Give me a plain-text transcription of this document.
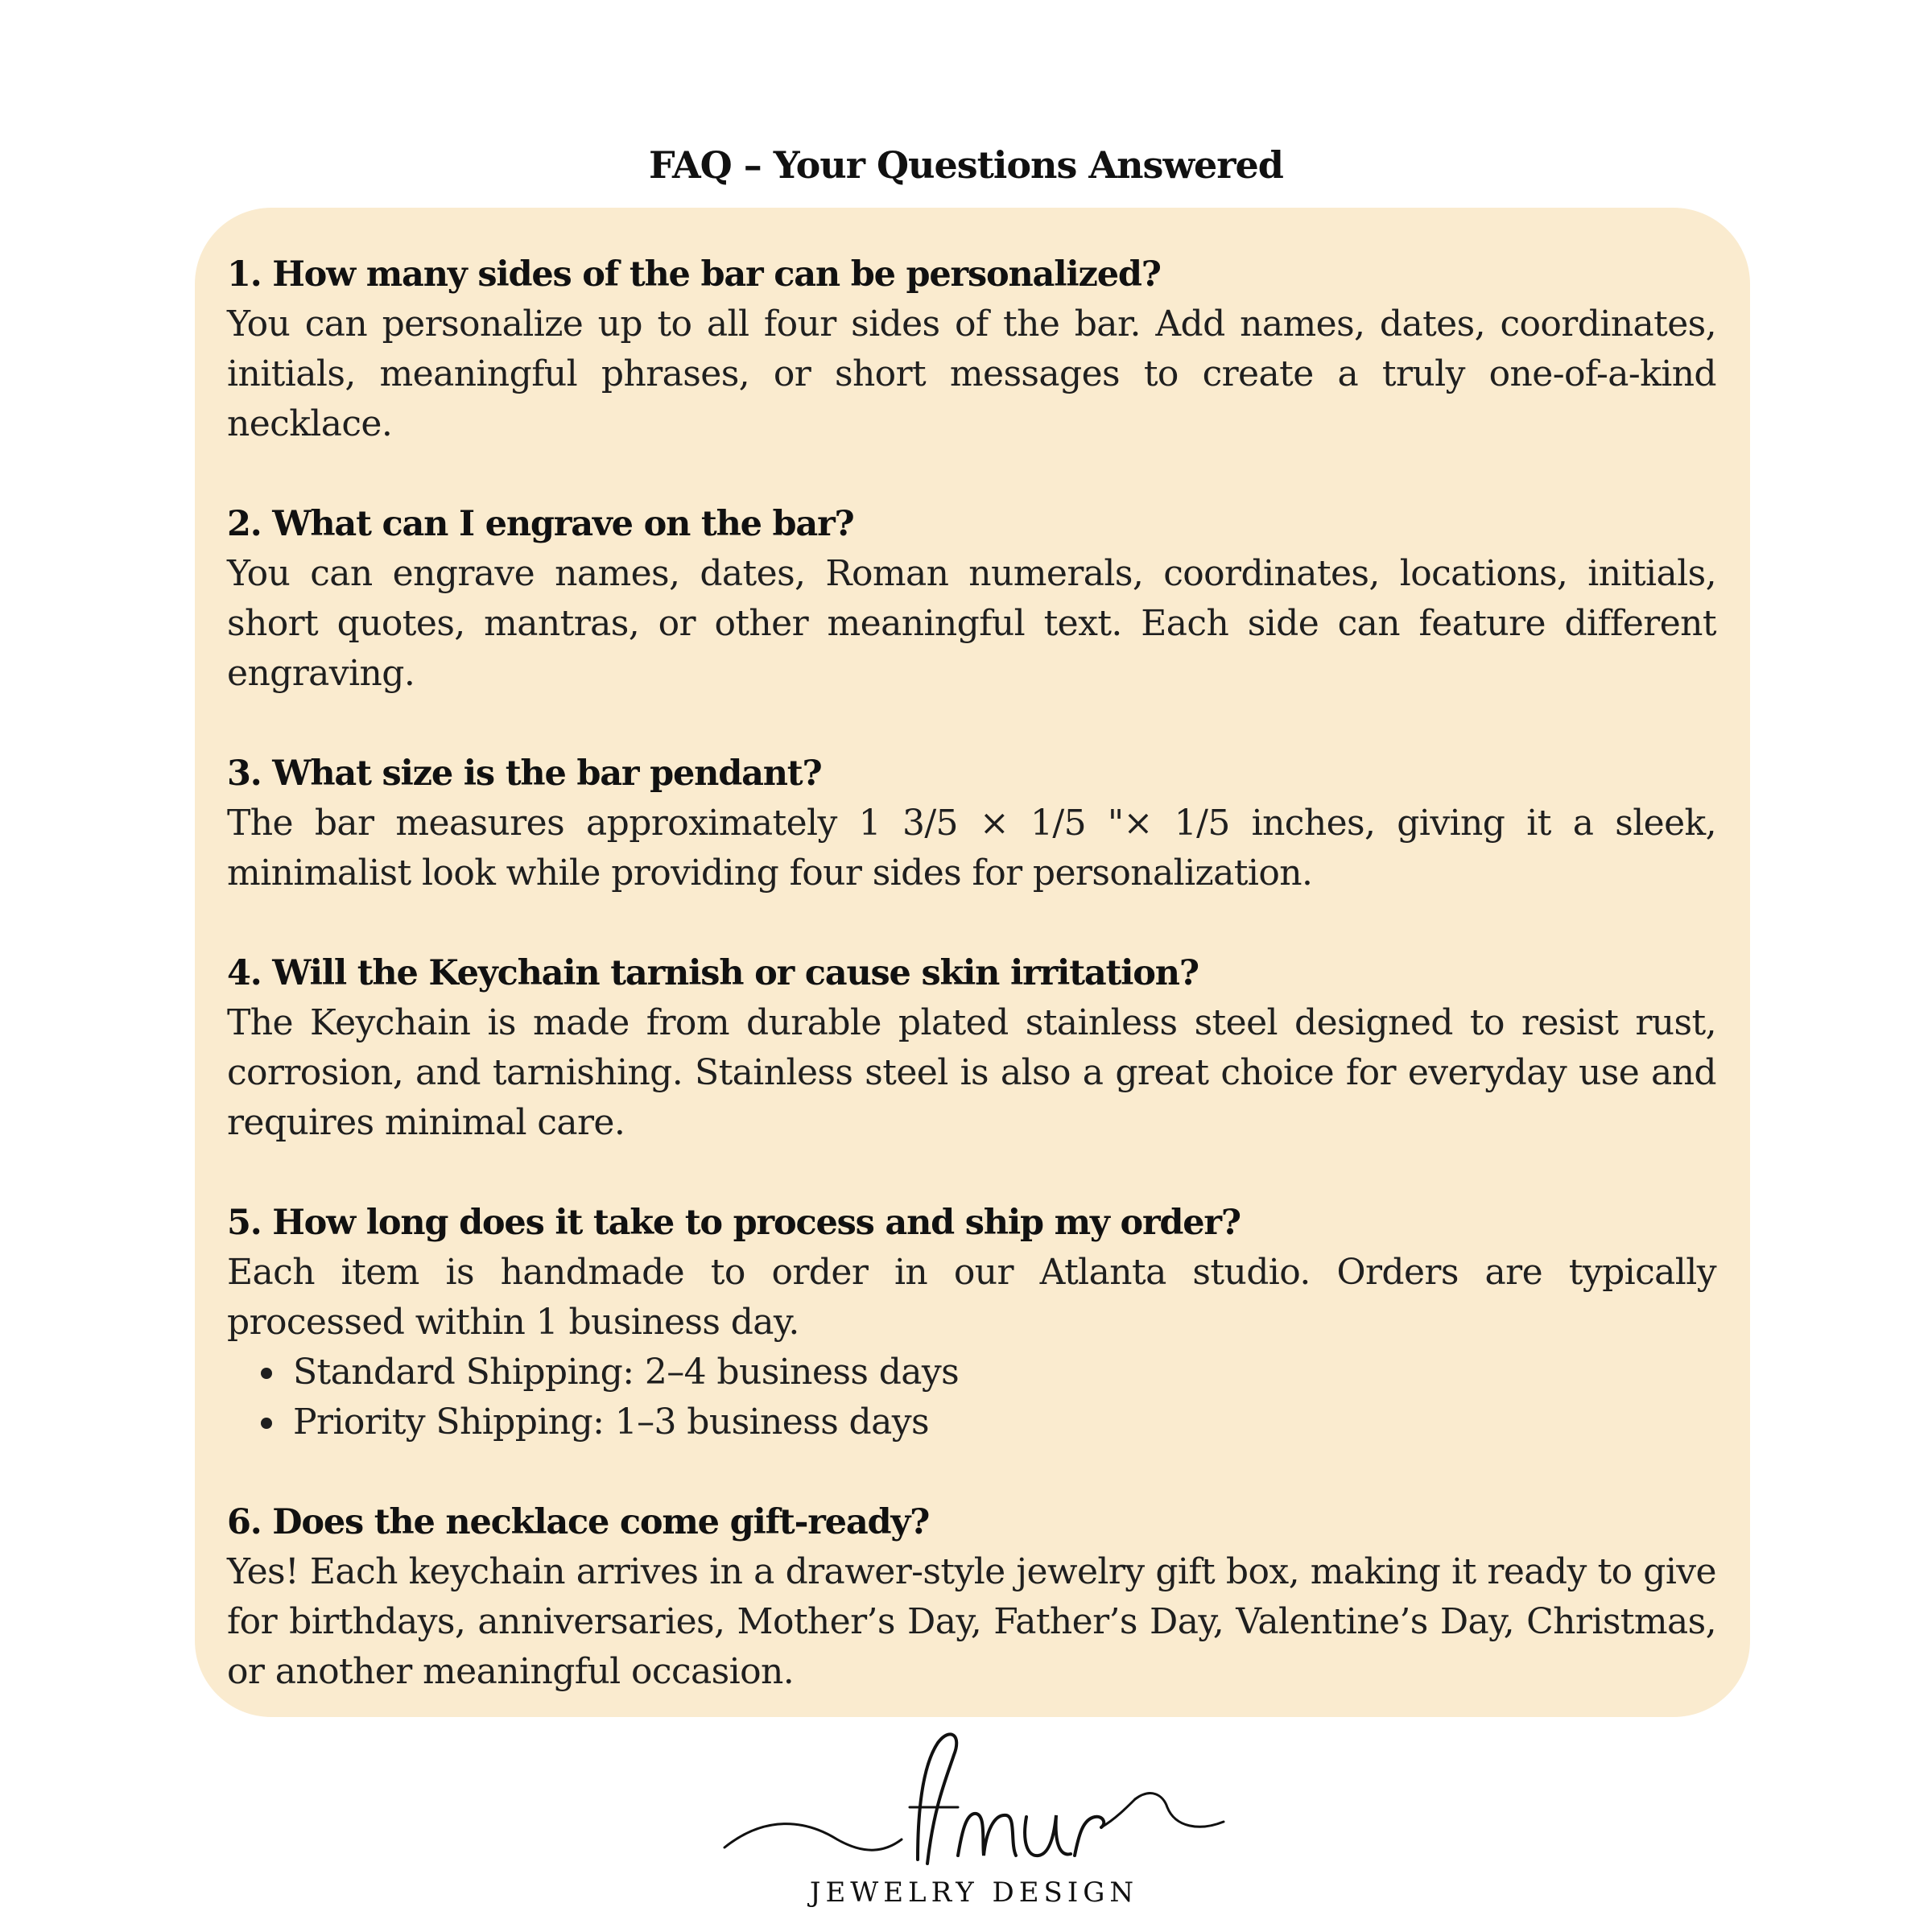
FAQ – Your Questions Answered

1. How many sides of the bar can be personalized?

You can personalize up to all four sides of the bar. Add names, dates, coordinates, initials, meaningful phrases, or short messages to create a truly one-of-a-kind necklace.

2. What can I engrave on the bar?

You can engrave names, dates, Roman numerals, coordinates, locations, initials, short quotes, mantras, or other meaningful text. Each side can feature different engraving.

3. What size is the bar pendant?

The bar measures approximately 1 3/5 × 1/5 "× 1/5 inches, giving it a sleek, minimalist look while providing four sides for personalization.

4. Will the Keychain tarnish or cause skin irritation?

The Keychain is made from durable plated stainless steel designed to resist rust, corrosion, and tarnishing. Stainless steel is also a great choice for everyday use and requires minimal care.

5. How long does it take to process and ship my order?

Each item is handmade to order in our Atlanta studio. Orders are typically processed within 1 business day.

Standard Shipping: 2–4 business days
Priority Shipping: 1–3 business days

6. Does the necklace come gift-ready?

Yes! Each keychain arrives in a drawer-style jewelry gift box, making it ready to give for birthdays, anniversaries, Mother’s Day, Father’s Day, Valentine’s Day, Christmas, or another meaningful occasion.

JEWELRY DESIGN
